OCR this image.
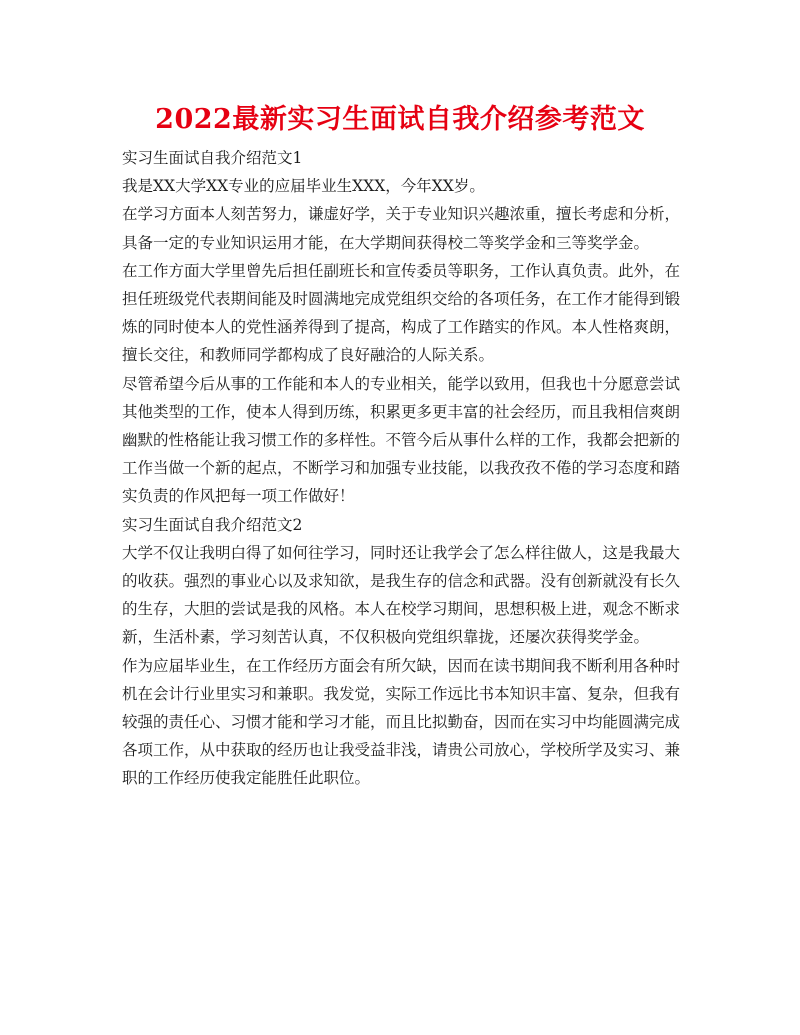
2022最新实习生面试自我介绍参考范文

实习生面试自我介绍范文1

我是XX大学XX专业的应届毕业生XXX，今年XX岁。

在学习方面本人刻苦努力，谦虚好学，关于专业知识兴趣浓重，擅长考虑和分析，具备一定的专业知识运用才能，在大学期间获得校二等奖学金和三等奖学金。

在工作方面大学里曾先后担任副班长和宣传委员等职务，工作认真负责。此外，在担任班级党代表期间能及时圆满地完成党组织交给的各项任务，在工作才能得到锻炼的同时使本人的党性涵养得到了提高，构成了工作踏实的作风。本人性格爽朗，擅长交往，和教师同学都构成了良好融洽的人际关系。

尽管希望今后从事的工作能和本人的专业相关，能学以致用，但我也十分愿意尝试其他类型的工作，使本人得到历练，积累更多更丰富的社会经历，而且我相信爽朗幽默的性格能让我习惯工作的多样性。不管今后从事什么样的工作，我都会把新的工作当做一个新的起点，不断学习和加强专业技能，以我孜孜不倦的学习态度和踏实负责的作风把每一项工作做好！

实习生面试自我介绍范文2

大学不仅让我明白得了如何往学习，同时还让我学会了怎么样往做人，这是我最大的收获。强烈的事业心以及求知欲，是我生存的信念和武器。没有创新就没有长久的生存，大胆的尝试是我的风格。本人在校学习期间，思想积极上进，观念不断求新，生活朴素，学习刻苦认真，不仅积极向党组织靠拢，还屡次获得奖学金。

作为应届毕业生，在工作经历方面会有所欠缺，因而在读书期间我不断利用各种时机在会计行业里实习和兼职。我发觉，实际工作远比书本知识丰富、复杂，但我有较强的责任心、习惯才能和学习才能，而且比拟勤奋，因而在实习中均能圆满完成各项工作，从中获取的经历也让我受益非浅，请贵公司放心，学校所学及实习、兼职的工作经历使我定能胜任此职位。
